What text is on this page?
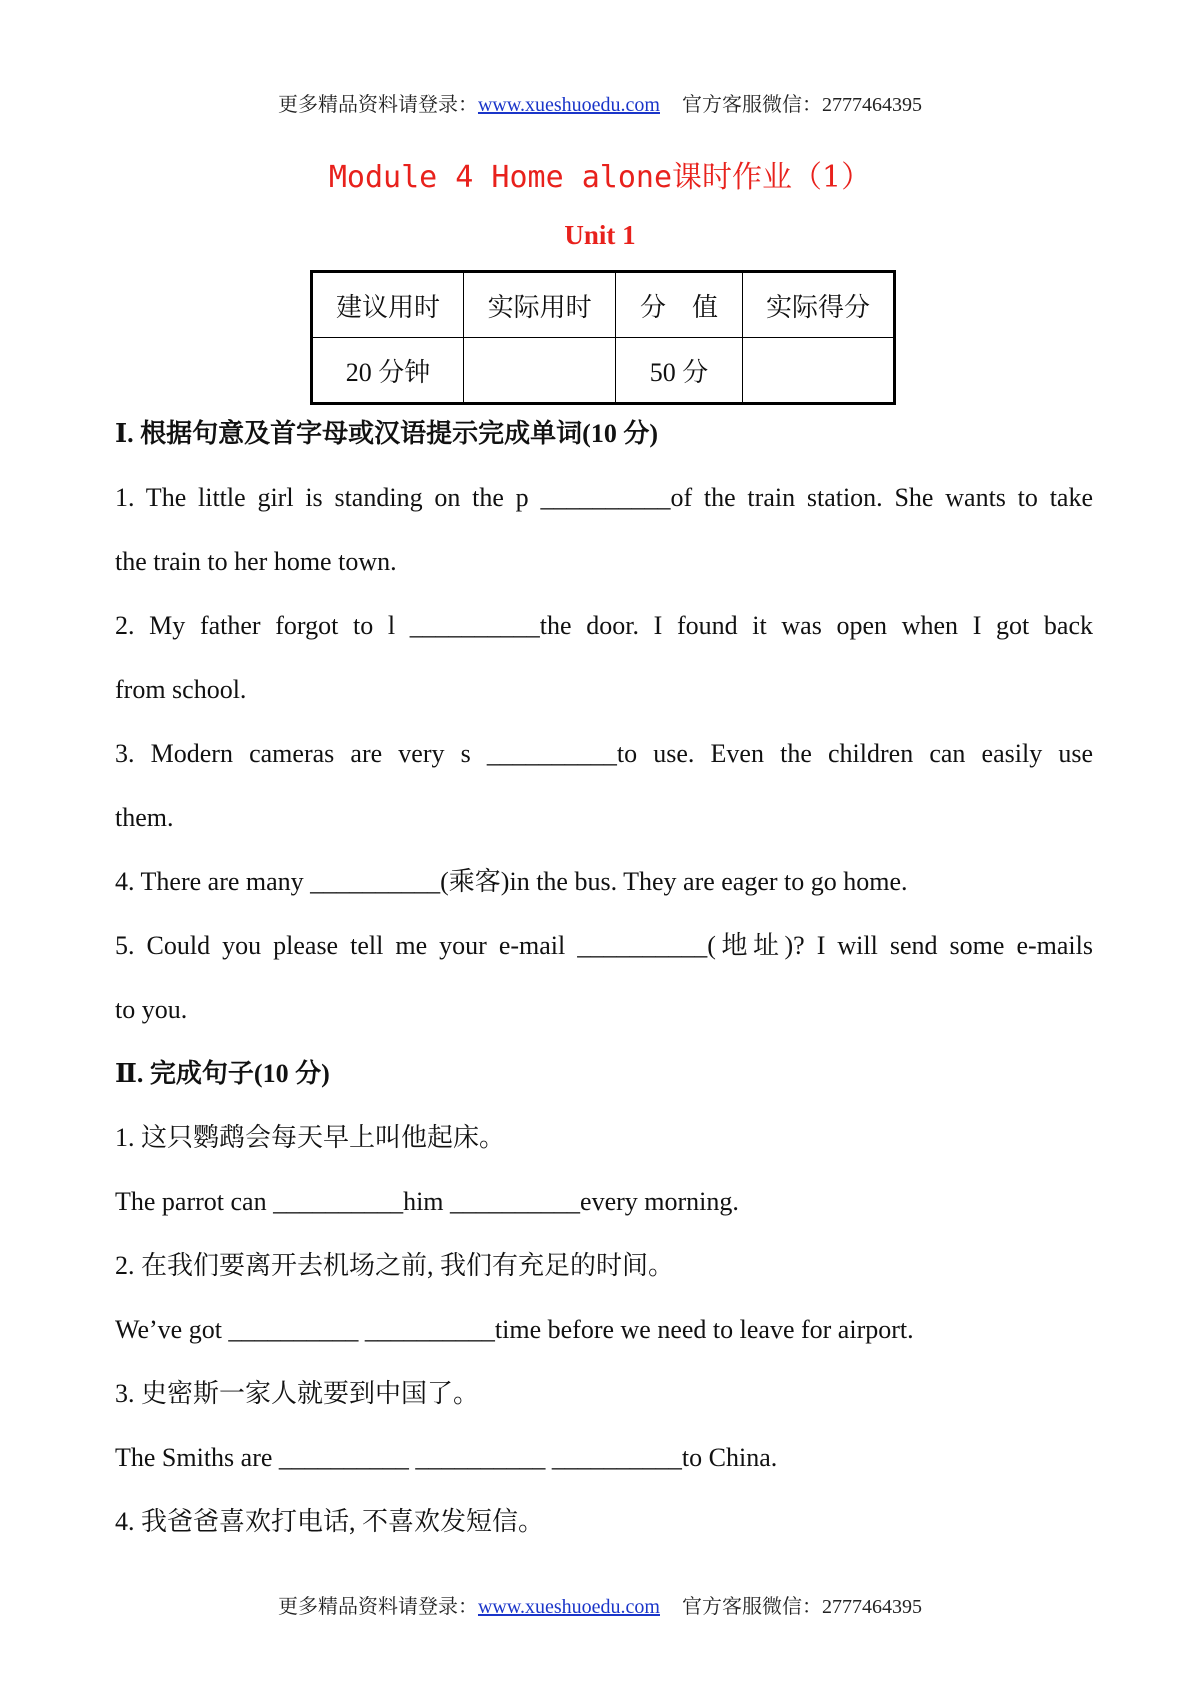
更多精品资料请登录：www.xueshuoedu.com 官方客服微信：2777464395
Module 4 Home alone课时作业（1）
Unit 1
建议用时	实际用时	分　值	实际得分
20 分钟		50 分	
Ⅰ. 根据句意及首字母或汉语提示完成单词(10 分)
1. The little girl is standing on the p __________of the train station. She wants to take
the train to her home town.
2. My father forgot to l __________the door. I found it was open when I got back
from school.
3. Modern cameras are very s __________to use. Even the children can easily use
them.
4. There are many __________(乘客)in the bus. They are eager to go home.
5. Could you please tell me your e-mail __________(地址)? I will send some e-mails
to you.
Ⅱ. 完成句子(10 分)
1. 这只鹦鹉会每天早上叫他起床。
The parrot can __________him __________every morning.
2. 在我们要离开去机场之前, 我们有充足的时间。
We’ve got __________ __________time before we need to leave for airport.
3. 史密斯一家人就要到中国了。
The Smiths are __________ __________ __________to China.
4. 我爸爸喜欢打电话, 不喜欢发短信。
更多精品资料请登录：www.xueshuoedu.com 官方客服微信：2777464395
